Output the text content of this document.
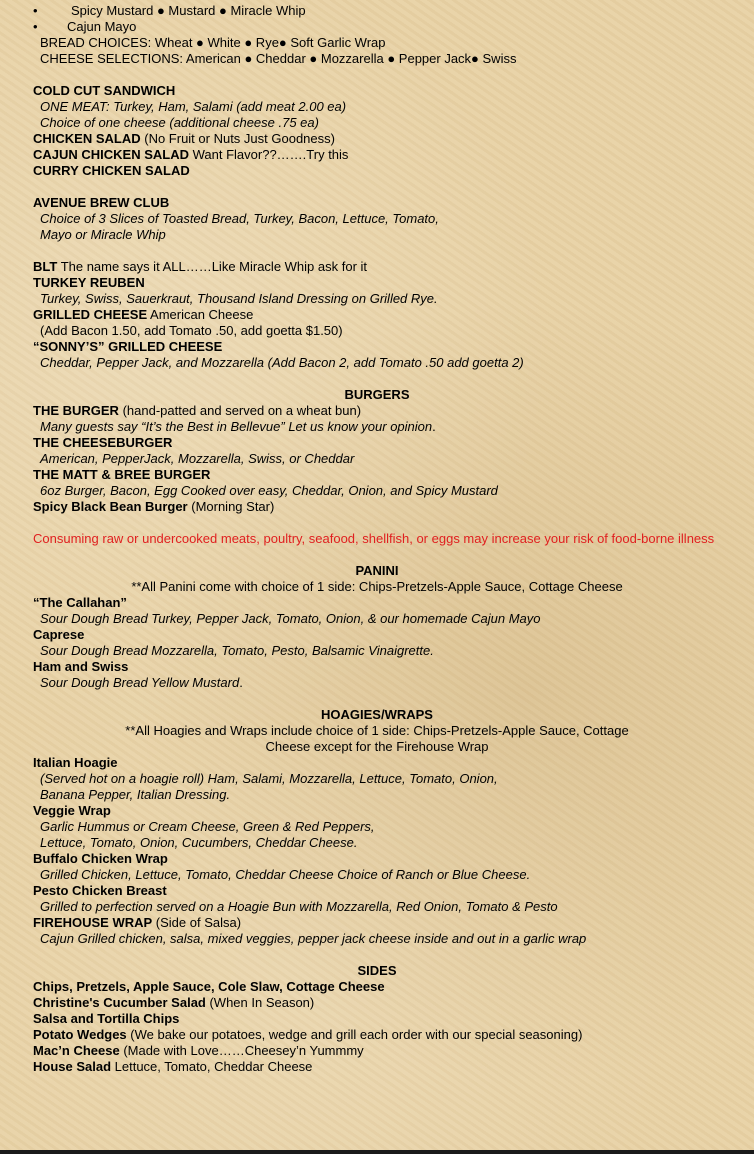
•	Spicy Mustard ● Mustard ● Miracle Whip
• Cajun Mayo
BREAD CHOICES: Wheat ● White ● Rye● Soft Garlic Wrap
CHEESE SELECTIONS: American ● Cheddar ● Mozzarella ● Pepper Jack● Swiss
COLD CUT SANDWICH
ONE MEAT: Turkey, Ham, Salami (add meat 2.00 ea)
Choice of one cheese (additional cheese .75 ea)
CHICKEN SALAD (No Fruit or Nuts Just Goodness)
CAJUN CHICKEN SALAD Want Flavor??…….Try this
CURRY CHICKEN SALAD
AVENUE BREW CLUB
Choice of 3 Slices of Toasted Bread, Turkey, Bacon, Lettuce, Tomato,
Mayo or Miracle Whip
BLT The name says it ALL……Like Miracle Whip ask for it
TURKEY REUBEN
Turkey, Swiss, Sauerkraut, Thousand Island Dressing on Grilled Rye.
GRILLED CHEESE American Cheese
(Add Bacon 1.50, add Tomato .50, add goetta $1.50)
“SONNY’S” GRILLED CHEESE
Cheddar, Pepper Jack, and Mozzarella (Add Bacon 2, add Tomato .50 add goetta 2)
BURGERS
THE BURGER (hand-patted and served on a wheat bun)
Many guests say “It’s the Best in Bellevue” Let us know your opinion.
THE CHEESEBURGER
American, PepperJack, Mozzarella, Swiss, or Cheddar
THE MATT & BREE BURGER
6oz Burger, Bacon, Egg Cooked over easy, Cheddar, Onion, and Spicy Mustard
Spicy Black Bean Burger (Morning Star)
Consuming raw or undercooked meats, poultry, seafood, shellfish, or eggs may increase your risk of food-borne illness
PANINI
**All Panini come with choice of 1 side: Chips-Pretzels-Apple Sauce, Cottage Cheese
“The Callahan”
Sour Dough Bread Turkey, Pepper Jack, Tomato, Onion, & our homemade Cajun Mayo
Caprese
Sour Dough Bread Mozzarella, Tomato, Pesto, Balsamic Vinaigrette.
Ham and Swiss
Sour Dough Bread Yellow Mustard.
HOAGIES/WRAPS
**All Hoagies and Wraps include choice of 1 side: Chips-Pretzels-Apple Sauce, Cottage
Cheese except for the Firehouse Wrap
Italian Hoagie
(Served hot on a hoagie roll) Ham, Salami, Mozzarella, Lettuce, Tomato, Onion,
Banana Pepper, Italian Dressing.
Veggie Wrap
Garlic Hummus or Cream Cheese, Green & Red Peppers,
Lettuce, Tomato, Onion, Cucumbers, Cheddar Cheese.
Buffalo Chicken Wrap
Grilled Chicken, Lettuce, Tomato, Cheddar Cheese Choice of Ranch or Blue Cheese.
Pesto Chicken Breast
Grilled to perfection served on a Hoagie Bun with Mozzarella, Red Onion, Tomato & Pesto
FIREHOUSE WRAP (Side of Salsa)
Cajun Grilled chicken, salsa, mixed veggies, pepper jack cheese inside and out in a garlic wrap
SIDES
Chips, Pretzels, Apple Sauce, Cole Slaw, Cottage Cheese
Christine's Cucumber Salad (When In Season)
Salsa and Tortilla Chips
Potato Wedges (We bake our potatoes, wedge and grill each order with our special seasoning)
Mac’n Cheese (Made with Love……Cheesey’n Yummmy
House Salad Lettuce, Tomato, Cheddar Cheese
